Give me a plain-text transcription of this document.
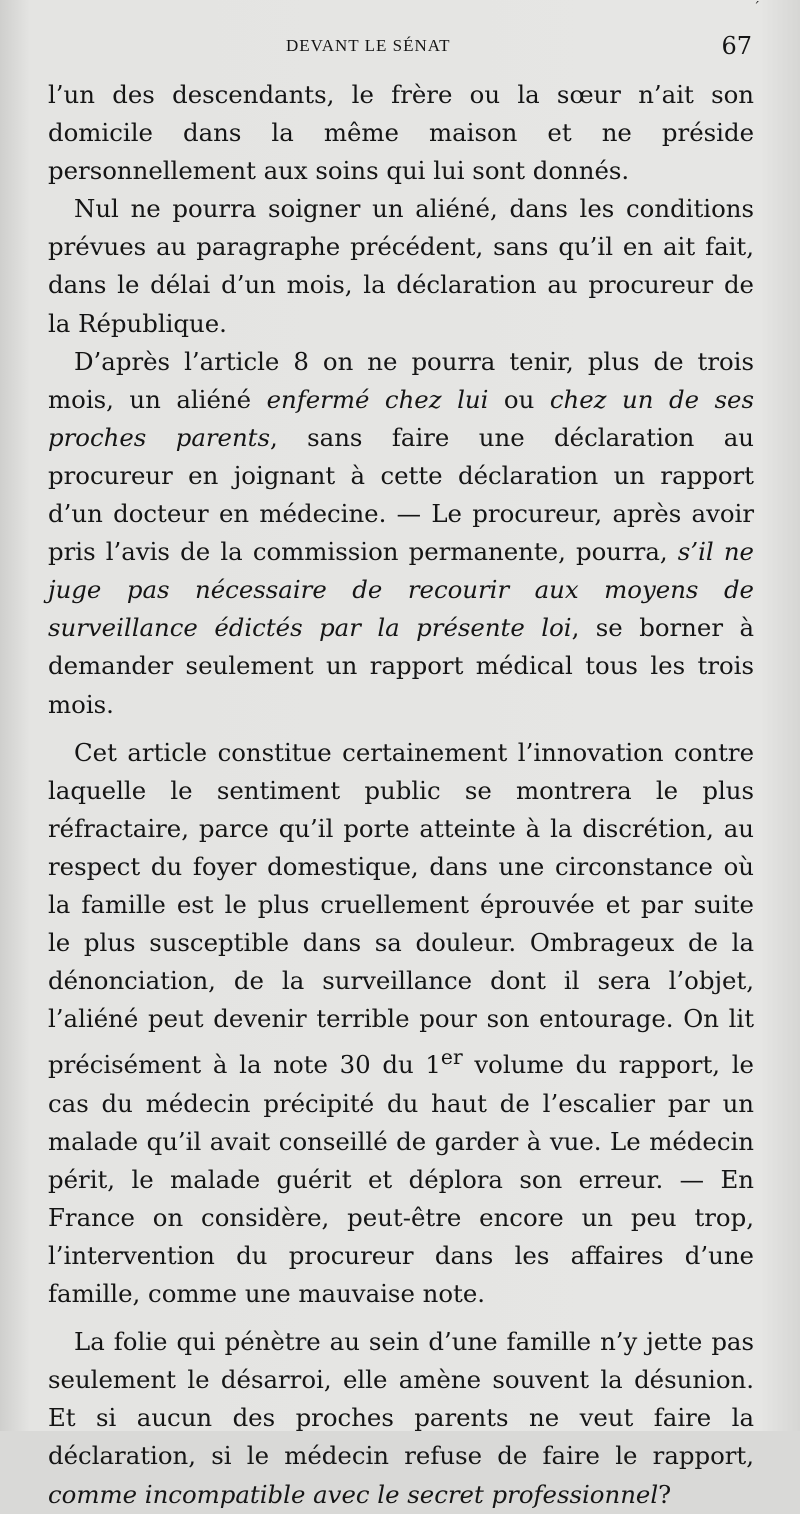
ˊ
DEVANT LE SÉNAT	67

l’un des descendants, le frère ou la sœur n’ait son domicile dans la même maison et ne préside personnellement aux soins qui lui sont donnés.

Nul ne pourra soigner un aliéné, dans les conditions prévues au paragraphe précédent, sans qu’il en ait fait, dans le délai d’un mois, la déclaration au procureur de la République.

D’après l’article 8 on ne pourra tenir, plus de trois mois, un aliéné enfermé chez lui ou chez un de ses proches parents, sans faire une déclaration au procureur en joignant à cette déclaration un rapport d’un docteur en médecine. — Le procureur, après avoir pris l’avis de la commission permanente, pourra, s’il ne juge pas nécessaire de recourir aux moyens de surveillance édictés par la présente loi, se borner à demander seulement un rapport médical tous les trois mois.

Cet article constitue certainement l’innovation contre laquelle le sentiment public se montrera le plus réfractaire, parce qu’il porte atteinte à la discrétion, au respect du foyer domestique, dans une circonstance où la famille est le plus cruellement éprouvée et par suite le plus susceptible dans sa douleur. Ombrageux de la dénonciation, de la surveillance dont il sera l’objet, l’aliéné peut devenir terrible pour son entourage. On lit précisément à la note 30 du 1er volume du rapport, le cas du médecin précipité du haut de l’escalier par un malade qu’il avait conseillé de garder à vue. Le médecin périt, le malade guérit et déplora son erreur. — En France on considère, peut-être encore un peu trop, l’intervention du procureur dans les affaires d’une famille, comme une mauvaise note.

La folie qui pénètre au sein d’une famille n’y jette pas seulement le désarroi, elle amène souvent la désunion. Et si aucun des proches parents ne veut faire la déclaration, si le médecin refuse de faire le rapport, comme incompatible avec le secret professionnel?
